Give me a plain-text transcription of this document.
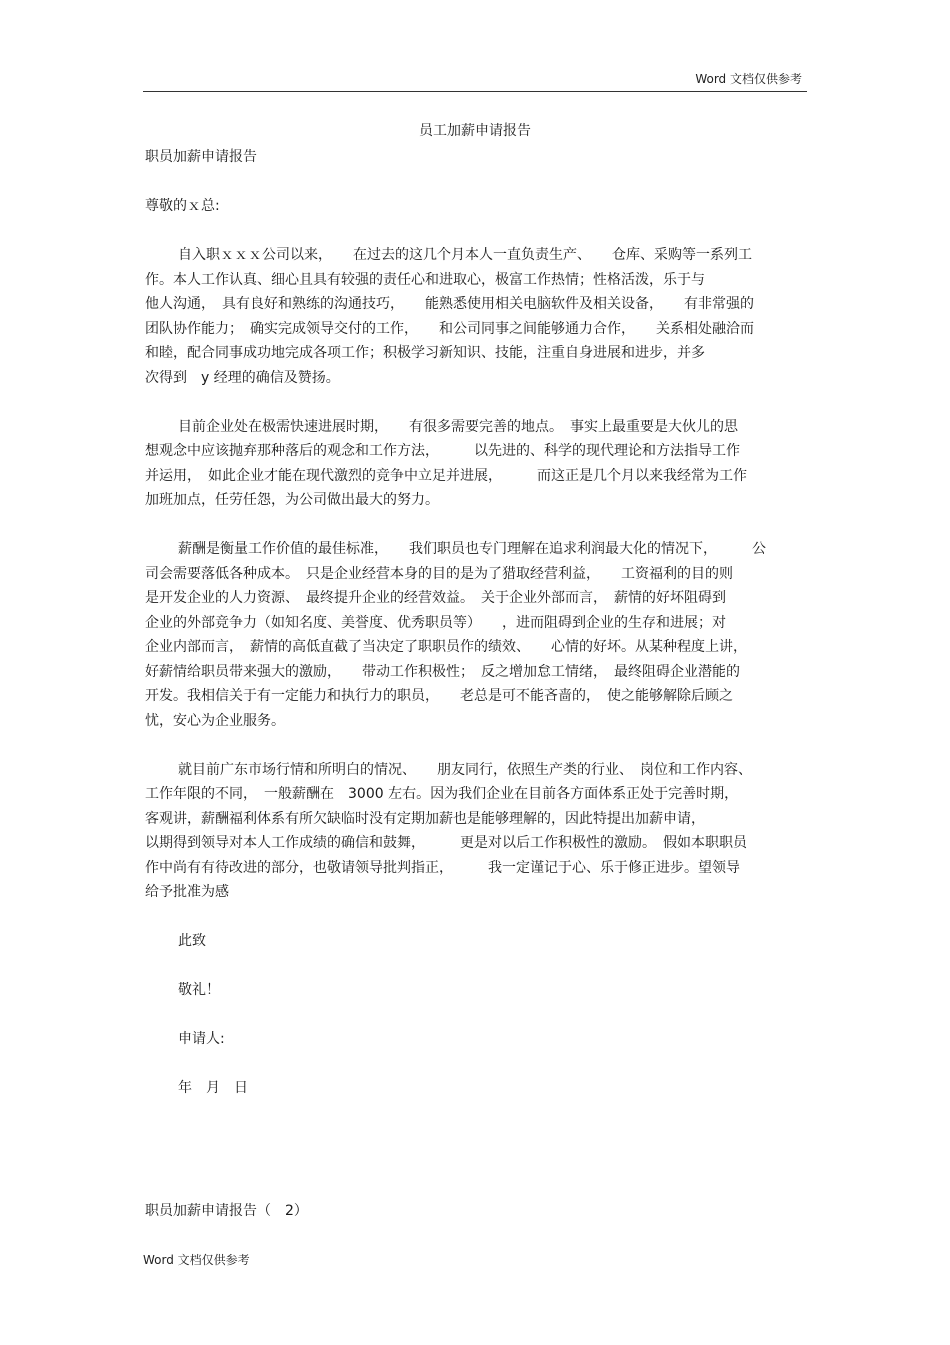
Word 文档仅供参考
员工加薪申请报告

职员加薪申请报告

尊敬的ｘ总:

自入职ｘｘｘ公司以来，　　在过去的这几个月本人一直负责生产、　　仓库、采购等一系列工

作。本人工作认真、细心且具有较强的责任心和进取心，极富工作热情；性格活泼，乐于与

他人沟通，　具有良好和熟练的沟通技巧，　　能熟悉使用相关电脑软件及相关设备，　　有非常强的

团队协作能力；　确实完成领导交付的工作，　　和公司同事之间能够通力合作，　　关系相处融洽而

和睦，配合同事成功地完成各项工作；积极学习新知识、技能，注重自身进展和进步，并多

次得到　y 经理的确信及赞扬。

目前企业处在极需快速进展时期，　　有很多需要完善的地点。　事实上最重要是大伙儿的思

想观念中应该抛弃那种落后的观念和工作方法，　　　以先进的、科学的现代理论和方法指导工作

并运用，　如此企业才能在现代激烈的竞争中立足并进展，　　　而这正是几个月以来我经常为工作

加班加点，任劳任怨，为公司做出最大的努力。

薪酬是衡量工作价值的最佳标准，　　我们职员也专门理解在追求利润最大化的情况下，　　　公

司会需要落低各种成本。　只是企业经营本身的目的是为了猎取经营利益，　　工资福利的目的则

是开发企业的人力资源、　最终提升企业的经营效益。　关于企业外部而言，　薪情的好坏阻碍到

企业的外部竞争力（如知名度、美誉度、优秀职员等）　　，进而阻碍到企业的生存和进展；对

企业内部而言，　薪情的高低直截了当决定了职职员作的绩效、　　心情的好坏。从某种程度上讲，

好薪情给职员带来强大的激励，　　带动工作积极性；　反之增加怠工情绪，　最终阻碍企业潜能的

开发。我相信关于有一定能力和执行力的职员，　　老总是可不能吝啬的，　使之能够解除后顾之

忧，安心为企业服务。

就目前广东市场行情和所明白的情况、　　朋友同行，依照生产类的行业、　岗位和工作内容、

工作年限的不同，　一般薪酬在　3000 左右。因为我们企业在目前各方面体系正处于完善时期，

客观讲，薪酬福利体系有所欠缺临时没有定期加薪也是能够理解的，因此特提出加薪申请，

以期得到领导对本人工作成绩的确信和鼓舞，　　　更是对以后工作积极性的激励。　假如本职职员

作中尚有有待改进的部分，也敬请领导批判指正，　　　我一定谨记于心、乐于修正进步。望领导

给予批准为感

此致

敬礼！

申请人:

年　月　日

职员加薪申请报告（　2）

Word 文档仅供参考
